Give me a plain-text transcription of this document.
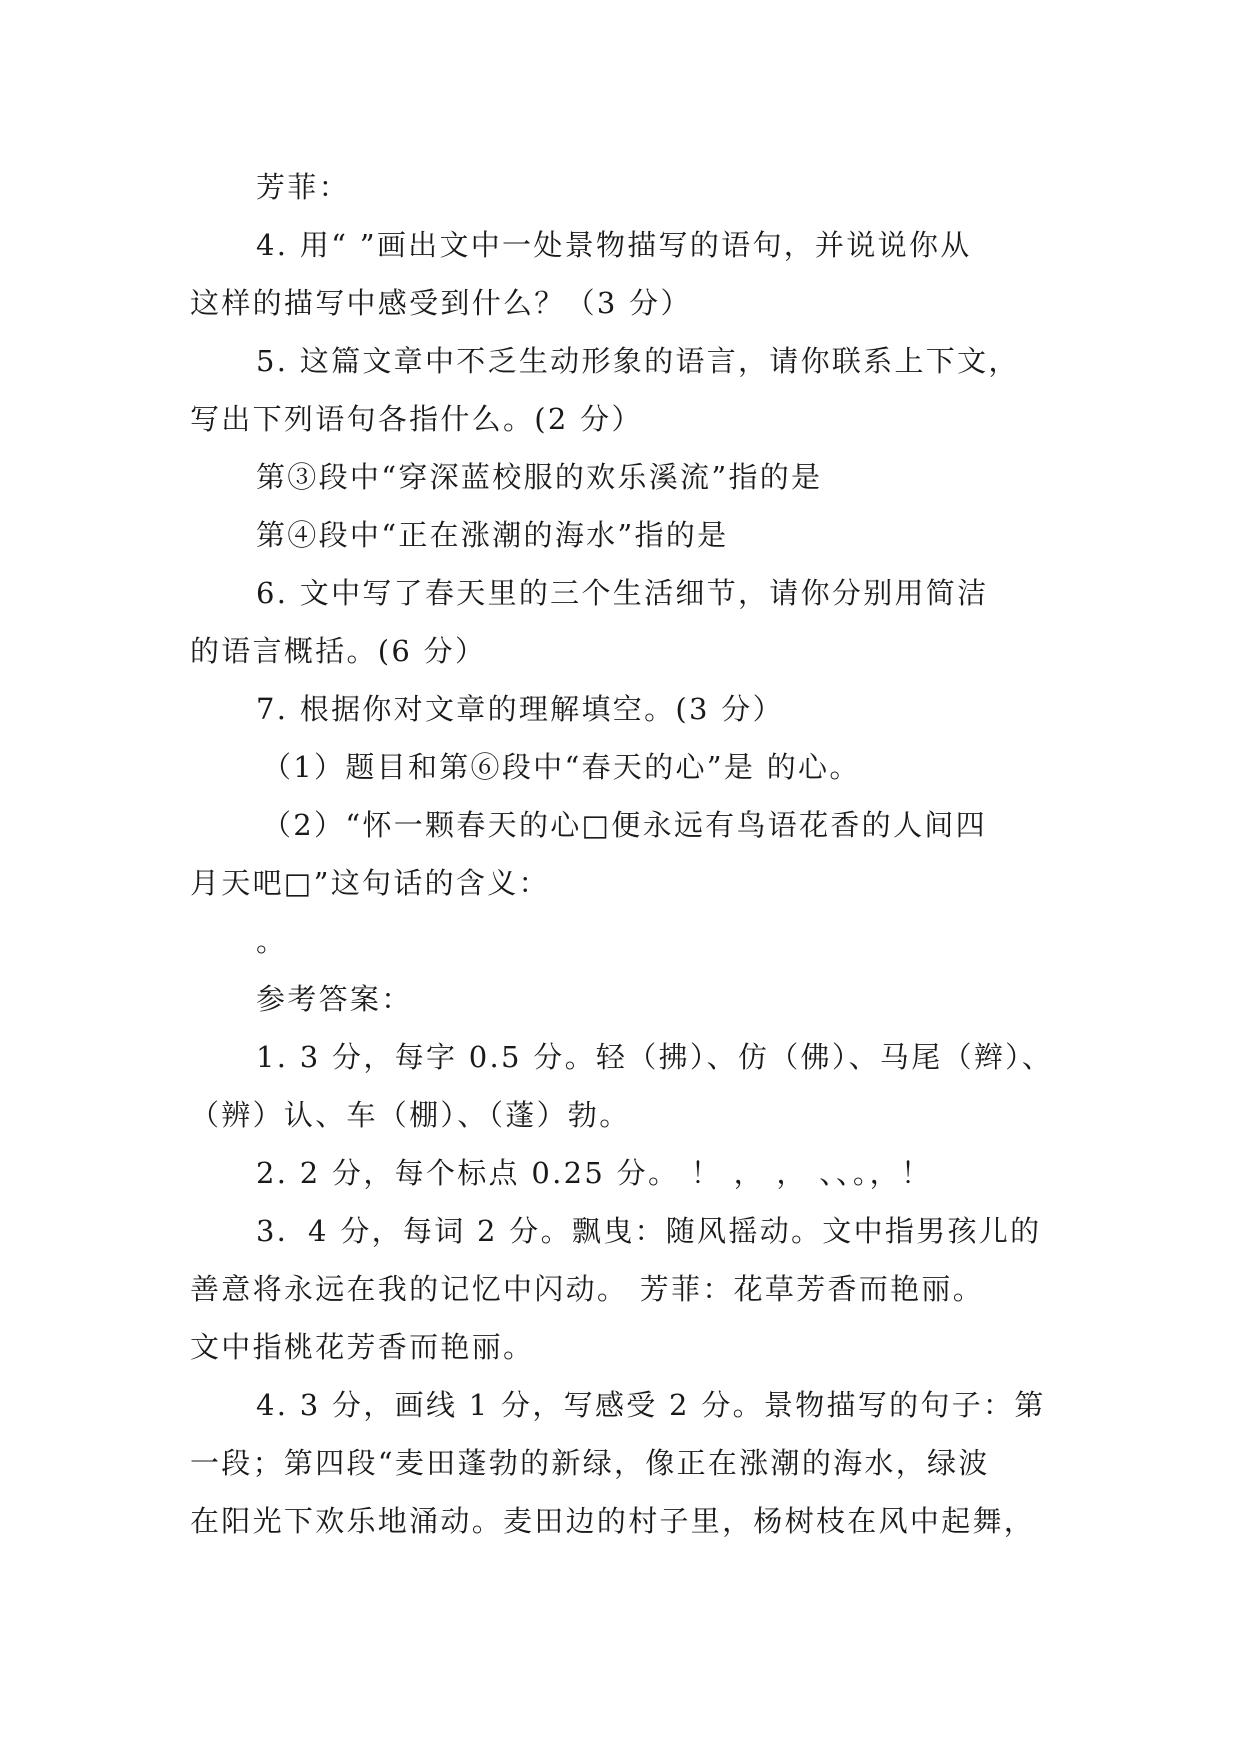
芳菲：
4. 用“ ”画出文中一处景物描写的语句，并说说你从
这样的描写中感受到什么？（3 分）
5. 这篇文章中不乏生动形象的语言，请你联系上下文，
写出下列语句各指什么。(2 分）
第③段中“穿深蓝校服的欢乐溪流”指的是
第④段中“正在涨潮的海水”指的是
6. 文中写了春天里的三个生活细节，请你分别用简洁
的语言概括。(6 分）
7. 根据你对文章的理解填空。(3 分）
（1）题目和第⑥段中“春天的心”是 的心。
（2）“怀一颗春天的心□便永远有鸟语花香的人间四
月天吧□”这句话的含义：
。
参考答案：
1. 3 分，每字 0.5 分。轻（拂）、仿（佛）、马尾（辫）、
（辨）认、车（棚）、（蓬）勃。
2. 2 分，每个标点 0.25 分。 ！ ， ， 、、。，！
3．4 分，每词 2 分。飘曳：随风摇动。文中指男孩儿的
善意将永远在我的记忆中闪动。 芳菲：花草芳香而艳丽。
文中指桃花芳香而艳丽。
4. 3 分，画线 1 分，写感受 2 分。景物描写的句子：第
一段；第四段“麦田蓬勃的新绿，像正在涨潮的海水，绿波
在阳光下欢乐地涌动。麦田边的村子里，杨树枝在风中起舞，
